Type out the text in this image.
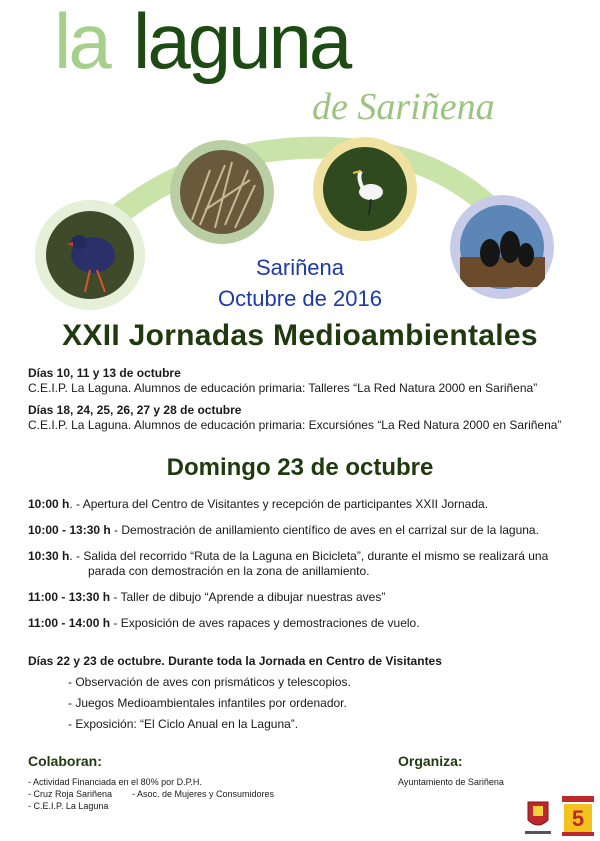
la laguna
de Sariñena
Sariñena
Octubre de 2016
XXII Jornadas Medioambientales
Días 10, 11 y 13 de octubre
C.E.I.P. La Laguna. Alumnos de educación primaria: Talleres “La Red Natura 2000 en Sariñena”
Días 18, 24, 25, 26, 27 y 28 de octubre
C.E.I.P. La Laguna. Alumnos de educación primaria: Excursiónes “La Red Natura 2000 en Sariñena”
Domingo 23 de octubre
10:00 h. - Apertura del Centro de Visitantes y recepción de participantes XXII Jornada.
10:00 - 13:30 h - Demostración de anillamiento científico de aves en el carrizal sur de la laguna.
10:30 h. - Salida del recorrido “Ruta de la Laguna en Bicicleta”, durante el mismo se realizará una
parada con demostración en la zona de anillamiento.
11:00 - 13:30 h - Taller de dibujo “Aprende a dibujar nuestras aves”
11:00 - 14:00 h - Exposición de aves rapaces y demostraciones de vuelo.
Días 22 y 23 de octubre. Durante toda la Jornada en Centro de Visitantes
- Observación de aves con prismáticos y telescopios.
- Juegos Medioambientales infantiles por ordenador.
- Exposición: “El Ciclo Anual en la Laguna”.
Colaboran:
- Actividad Financiada en el 80% por D.P.H.
- Cruz Roja Sariñena - Asoc. de Mujeres y Consumidores
- C.E.I.P. La Laguna
Organiza:
Ayuntamiento de Sariñena
5
